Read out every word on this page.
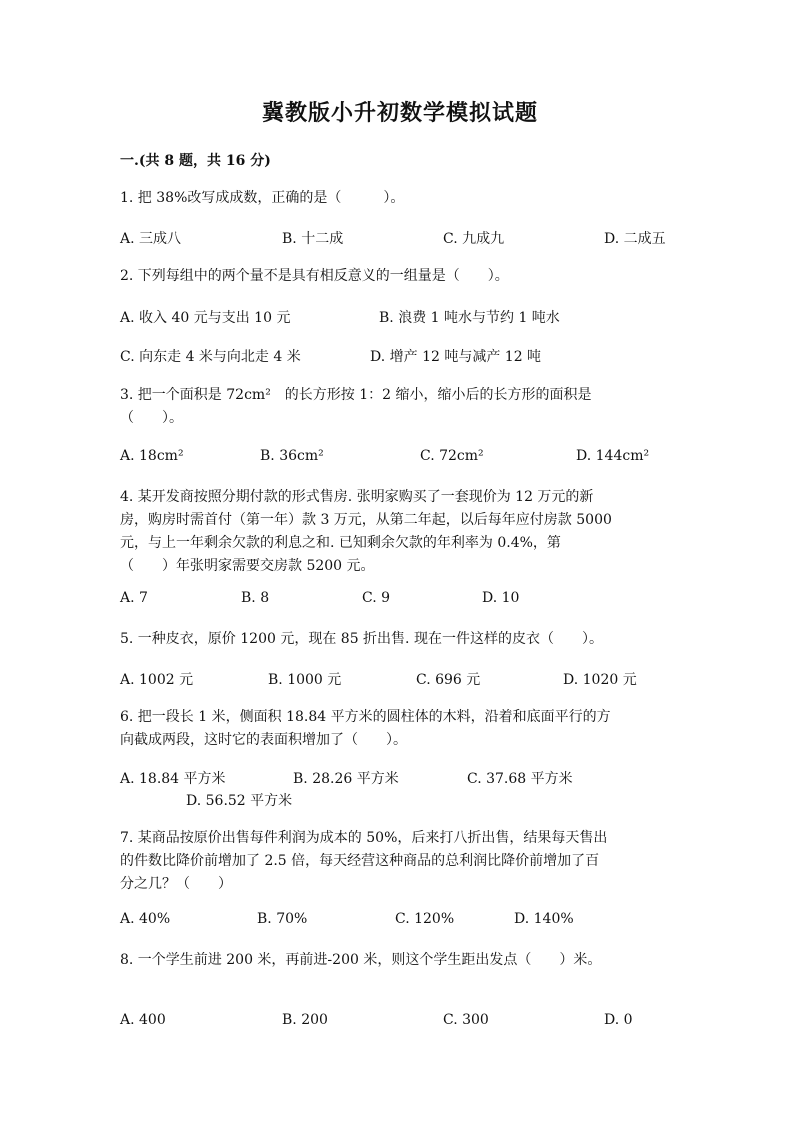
冀教版小升初数学模拟试题
一.(共 8 题，共 16 分)
1. 把 38%改写成成数，正确的是（　　　）。
A. 三成八	B. 十二成	C. 九成九	D. 二成五
2. 下列每组中的两个量不是具有相反意义的一组量是（　　）。
A. 收入 40 元与支出 10 元	B. 浪费 1 吨水与节约 1 吨水
C. 向东走 4 米与向北走 4 米	D. 增产 12 吨与减产 12 吨
3. 把一个面积是 72cm²　的长方形按 1：2 缩小，缩小后的长方形的面积是
（　　）。
A. 18cm²	B. 36cm²	C. 72cm²	D. 144cm²
4. 某开发商按照分期付款的形式售房. 张明家购买了一套现价为 12 万元的新
房，购房时需首付（第一年）款 3 万元，从第二年起，以后每年应付房款 5000
元，与上一年剩余欠款的利息之和. 已知剩余欠款的年利率为 0.4%，第
（　　）年张明家需要交房款 5200 元。
A. 7	B. 8	C. 9	D. 10
5. 一种皮衣，原价 1200 元，现在 85 折出售. 现在一件这样的皮衣（　　）。
A. 1002 元	B. 1000 元	C. 696 元	D. 1020 元
6. 把一段长 1 米，侧面积 18.84 平方米的圆柱体的木料，沿着和底面平行的方
向截成两段，这时它的表面积增加了（　　）。
A. 18.84 平方米	B. 28.26 平方米	C. 37.68 平方米
D. 56.52 平方米
7. 某商品按原价出售每件利润为成本的 50%，后来打八折出售，结果每天售出
的件数比降价前增加了 2.5 倍，每天经营这种商品的总利润比降价前增加了百
分之几？（　　）
A. 40%	B. 70%	C. 120%	D. 140%
8. 一个学生前进 200 米，再前进-200 米，则这个学生距出发点（　　）米。
A. 400	B. 200	C. 300	D. 0
